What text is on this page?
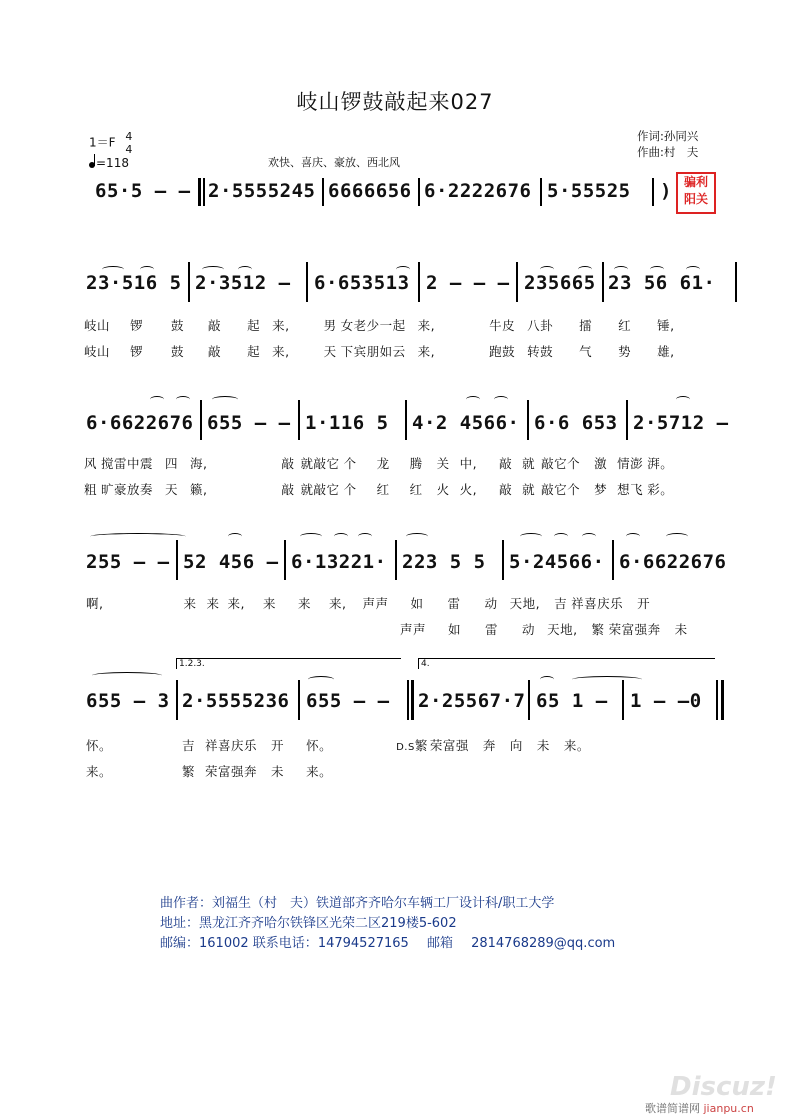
岐山锣鼓敲起来027
1＝F 4
4
=118	欢快、喜庆、豪放、西北风
作词:孙同兴
作曲:村　夫
骗利
阳关
65·5 – – 2·5555245 6666656 6·2222676 5·55525 )
23·516 5 2·3512 – 6·653513 2 – – – 235665 23 56 61·
岐山 锣 鼓 敲 起 来,	男 女老少一起 来,	牛皮 八卦 擂 红 锤,
岐山 锣 鼓 敲 起 来,	天 下宾朋如云 来,	跑鼓 转鼓 气 势 雄,
6·6622676 655 – – 1·116 5 4·2 4566· 6·6 653 2·5712 –
风 搅雷中震 四 海,	敲 就敲它 个 龙 腾 关 中, 敲 就 敲它个 激 情澎 湃。
粗 旷豪放奏 天 籁,	敲 就敲它 个 红 红 火 火, 敲 就 敲它个 梦 想飞 彩。
255 – – 52 456 – 6·13221· 223 5 5 5·24566· 6·6622676
啊,	来 来 来, 来 来 来, 声声 如 雷 动 天地, 吉 祥喜庆乐 开
声声 如 雷 动 天地, 繁 荣富强奔 未
1.2.3.	4.
655 – 3 2·5555236 655 – – 2·25567·7 65 1 – 1 – –0
怀。	吉 祥喜庆乐 开 怀。	D.S繁 荣富强 奔 向 未 来。
来。	繁 荣富强奔 未 来。
曲作者：刘福生（村　夫）铁道部齐齐哈尔车辆工厂设计科/职工大学
地址：黑龙江齐齐哈尔铁锋区光荣二区219楼5-602
邮编：161002 联系电话：14794527165 邮箱 2814768289@qq.com
Discuz!
歌谱简谱网 jianpu.cn
